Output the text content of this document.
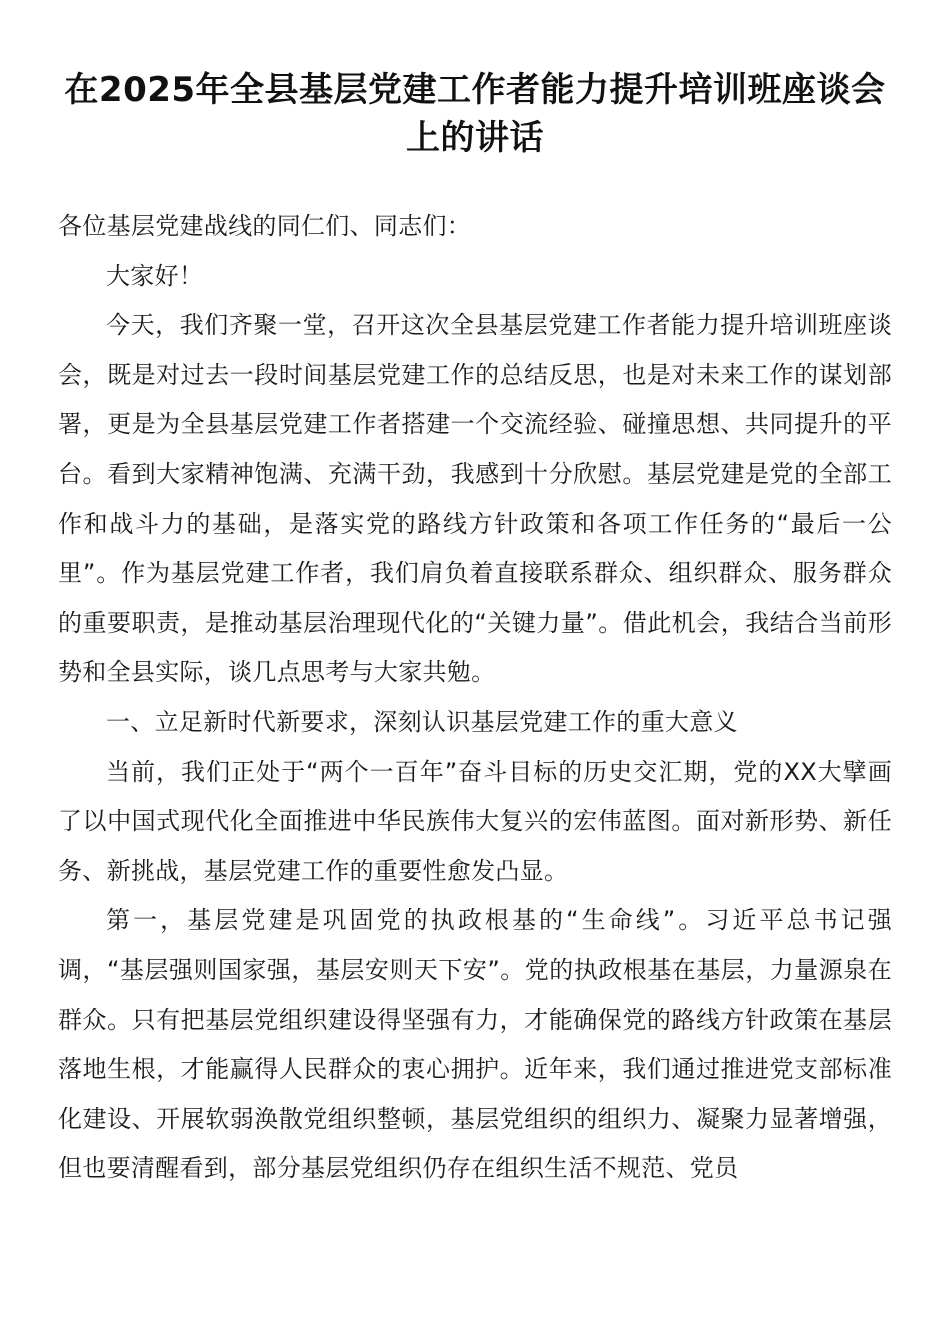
在2025年全县基层党建工作者能力提升培训班座谈会上的讲话

各位基层党建战线的同仁们、同志们：

大家好！

今天，我们齐聚一堂，召开这次全县基层党建工作者能力提升培训班座谈会，既是对过去一段时间基层党建工作的总结反思，也是对未来工作的谋划部署，更是为全县基层党建工作者搭建一个交流经验、碰撞思想、共同提升的平台。看到大家精神饱满、充满干劲，我感到十分欣慰。基层党建是党的全部工作和战斗力的基础，是落实党的路线方针政策和各项工作任务的“最后一公里”。作为基层党建工作者，我们肩负着直接联系群众、组织群众、服务群众的重要职责，是推动基层治理现代化的“关键力量”。借此机会，我结合当前形势和全县实际，谈几点思考与大家共勉。

一、立足新时代新要求，深刻认识基层党建工作的重大意义

当前，我们正处于“两个一百年”奋斗目标的历史交汇期，党的XX大擘画了以中国式现代化全面推进中华民族伟大复兴的宏伟蓝图。面对新形势、新任务、新挑战，基层党建工作的重要性愈发凸显。

第一，基层党建是巩固党的执政根基的“生命线”。习近平总书记强调，“基层强则国家强，基层安则天下安”。党的执政根基在基层，力量源泉在群众。只有把基层党组织建设得坚强有力，才能确保党的路线方针政策在基层落地生根，才能赢得人民群众的衷心拥护。近年来，我们通过推进党支部标准化建设、开展软弱涣散党组织整顿，基层党组织的组织力、凝聚力显著增强，但也要清醒看到，部分基层党组织仍存在组织生活不规范、党员
